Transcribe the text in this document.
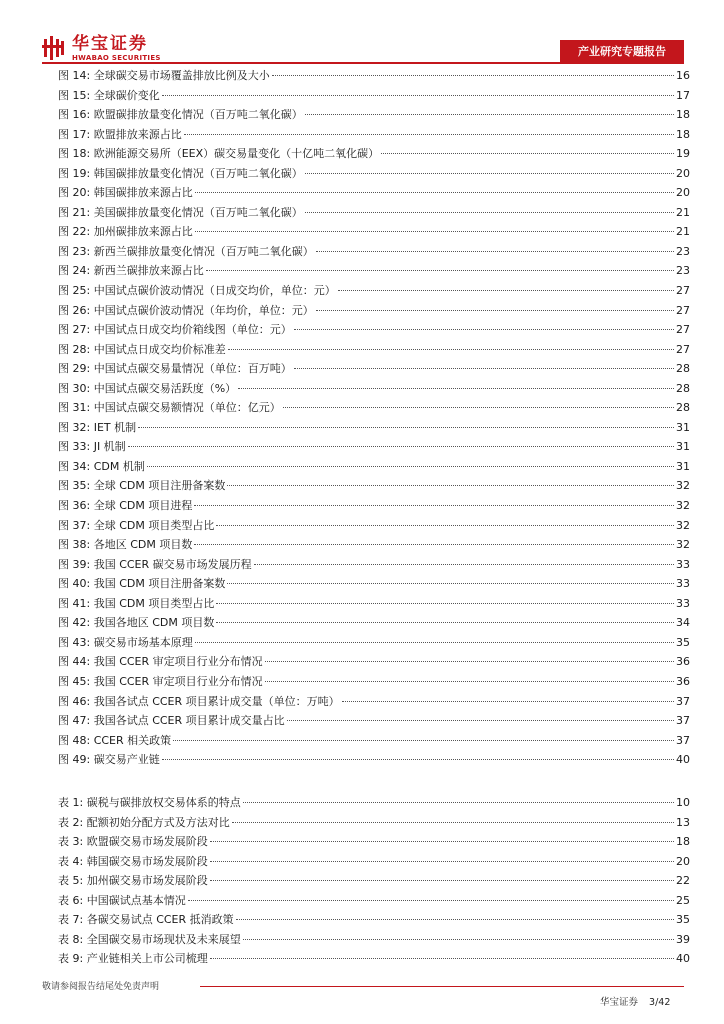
华宝证券
HWABAO SECURITIES	产业研究专题报告
图 14: 全球碳交易市场覆盖排放比例及大小	16
图 15: 全球碳价变化	17
图 16: 欧盟碳排放量变化情况（百万吨二氧化碳）	18
图 17: 欧盟排放来源占比	18
图 18: 欧洲能源交易所（EEX）碳交易量变化（十亿吨二氧化碳）	19
图 19: 韩国碳排放量变化情况（百万吨二氧化碳）	20
图 20: 韩国碳排放来源占比	20
图 21: 美国碳排放量变化情况（百万吨二氧化碳）	21
图 22: 加州碳排放来源占比	21
图 23: 新西兰碳排放量变化情况（百万吨二氧化碳）	23
图 24: 新西兰碳排放来源占比	23
图 25: 中国试点碳价波动情况（日成交均价，单位：元）	27
图 26: 中国试点碳价波动情况（年均价，单位：元）	27
图 27: 中国试点日成交均价箱线图（单位：元）	27
图 28: 中国试点日成交均价标准差	27
图 29: 中国试点碳交易量情况（单位：百万吨）	28
图 30: 中国试点碳交易活跃度（%）	28
图 31: 中国试点碳交易额情况（单位：亿元）	28
图 32: IET 机制	31
图 33: JI 机制	31
图 34: CDM 机制	31
图 35: 全球 CDM 项目注册备案数	32
图 36: 全球 CDM 项目进程	32
图 37: 全球 CDM 项目类型占比	32
图 38: 各地区 CDM 项目数	32
图 39: 我国 CCER 碳交易市场发展历程	33
图 40: 我国 CDM 项目注册备案数	33
图 41: 我国 CDM 项目类型占比	33
图 42: 我国各地区 CDM 项目数	34
图 43: 碳交易市场基本原理	35
图 44: 我国 CCER 审定项目行业分布情况	36
图 45: 我国 CCER 审定项目行业分布情况	36
图 46: 我国各试点 CCER 项目累计成交量（单位：万吨）	37
图 47: 我国各试点 CCER 项目累计成交量占比	37
图 48: CCER 相关政策	37
图 49: 碳交易产业链	40
表 1: 碳税与碳排放权交易体系的特点	10
表 2: 配额初始分配方式及方法对比	13
表 3: 欧盟碳交易市场发展阶段	18
表 4: 韩国碳交易市场发展阶段	20
表 5: 加州碳交易市场发展阶段	22
表 6: 中国碳试点基本情况	25
表 7: 各碳交易试点 CCER 抵消政策	35
表 8: 全国碳交易市场现状及未来展望	39
表 9: 产业链相关上市公司梳理	40
敬请参阅报告结尾处免责声明
华宝证券 3/42
